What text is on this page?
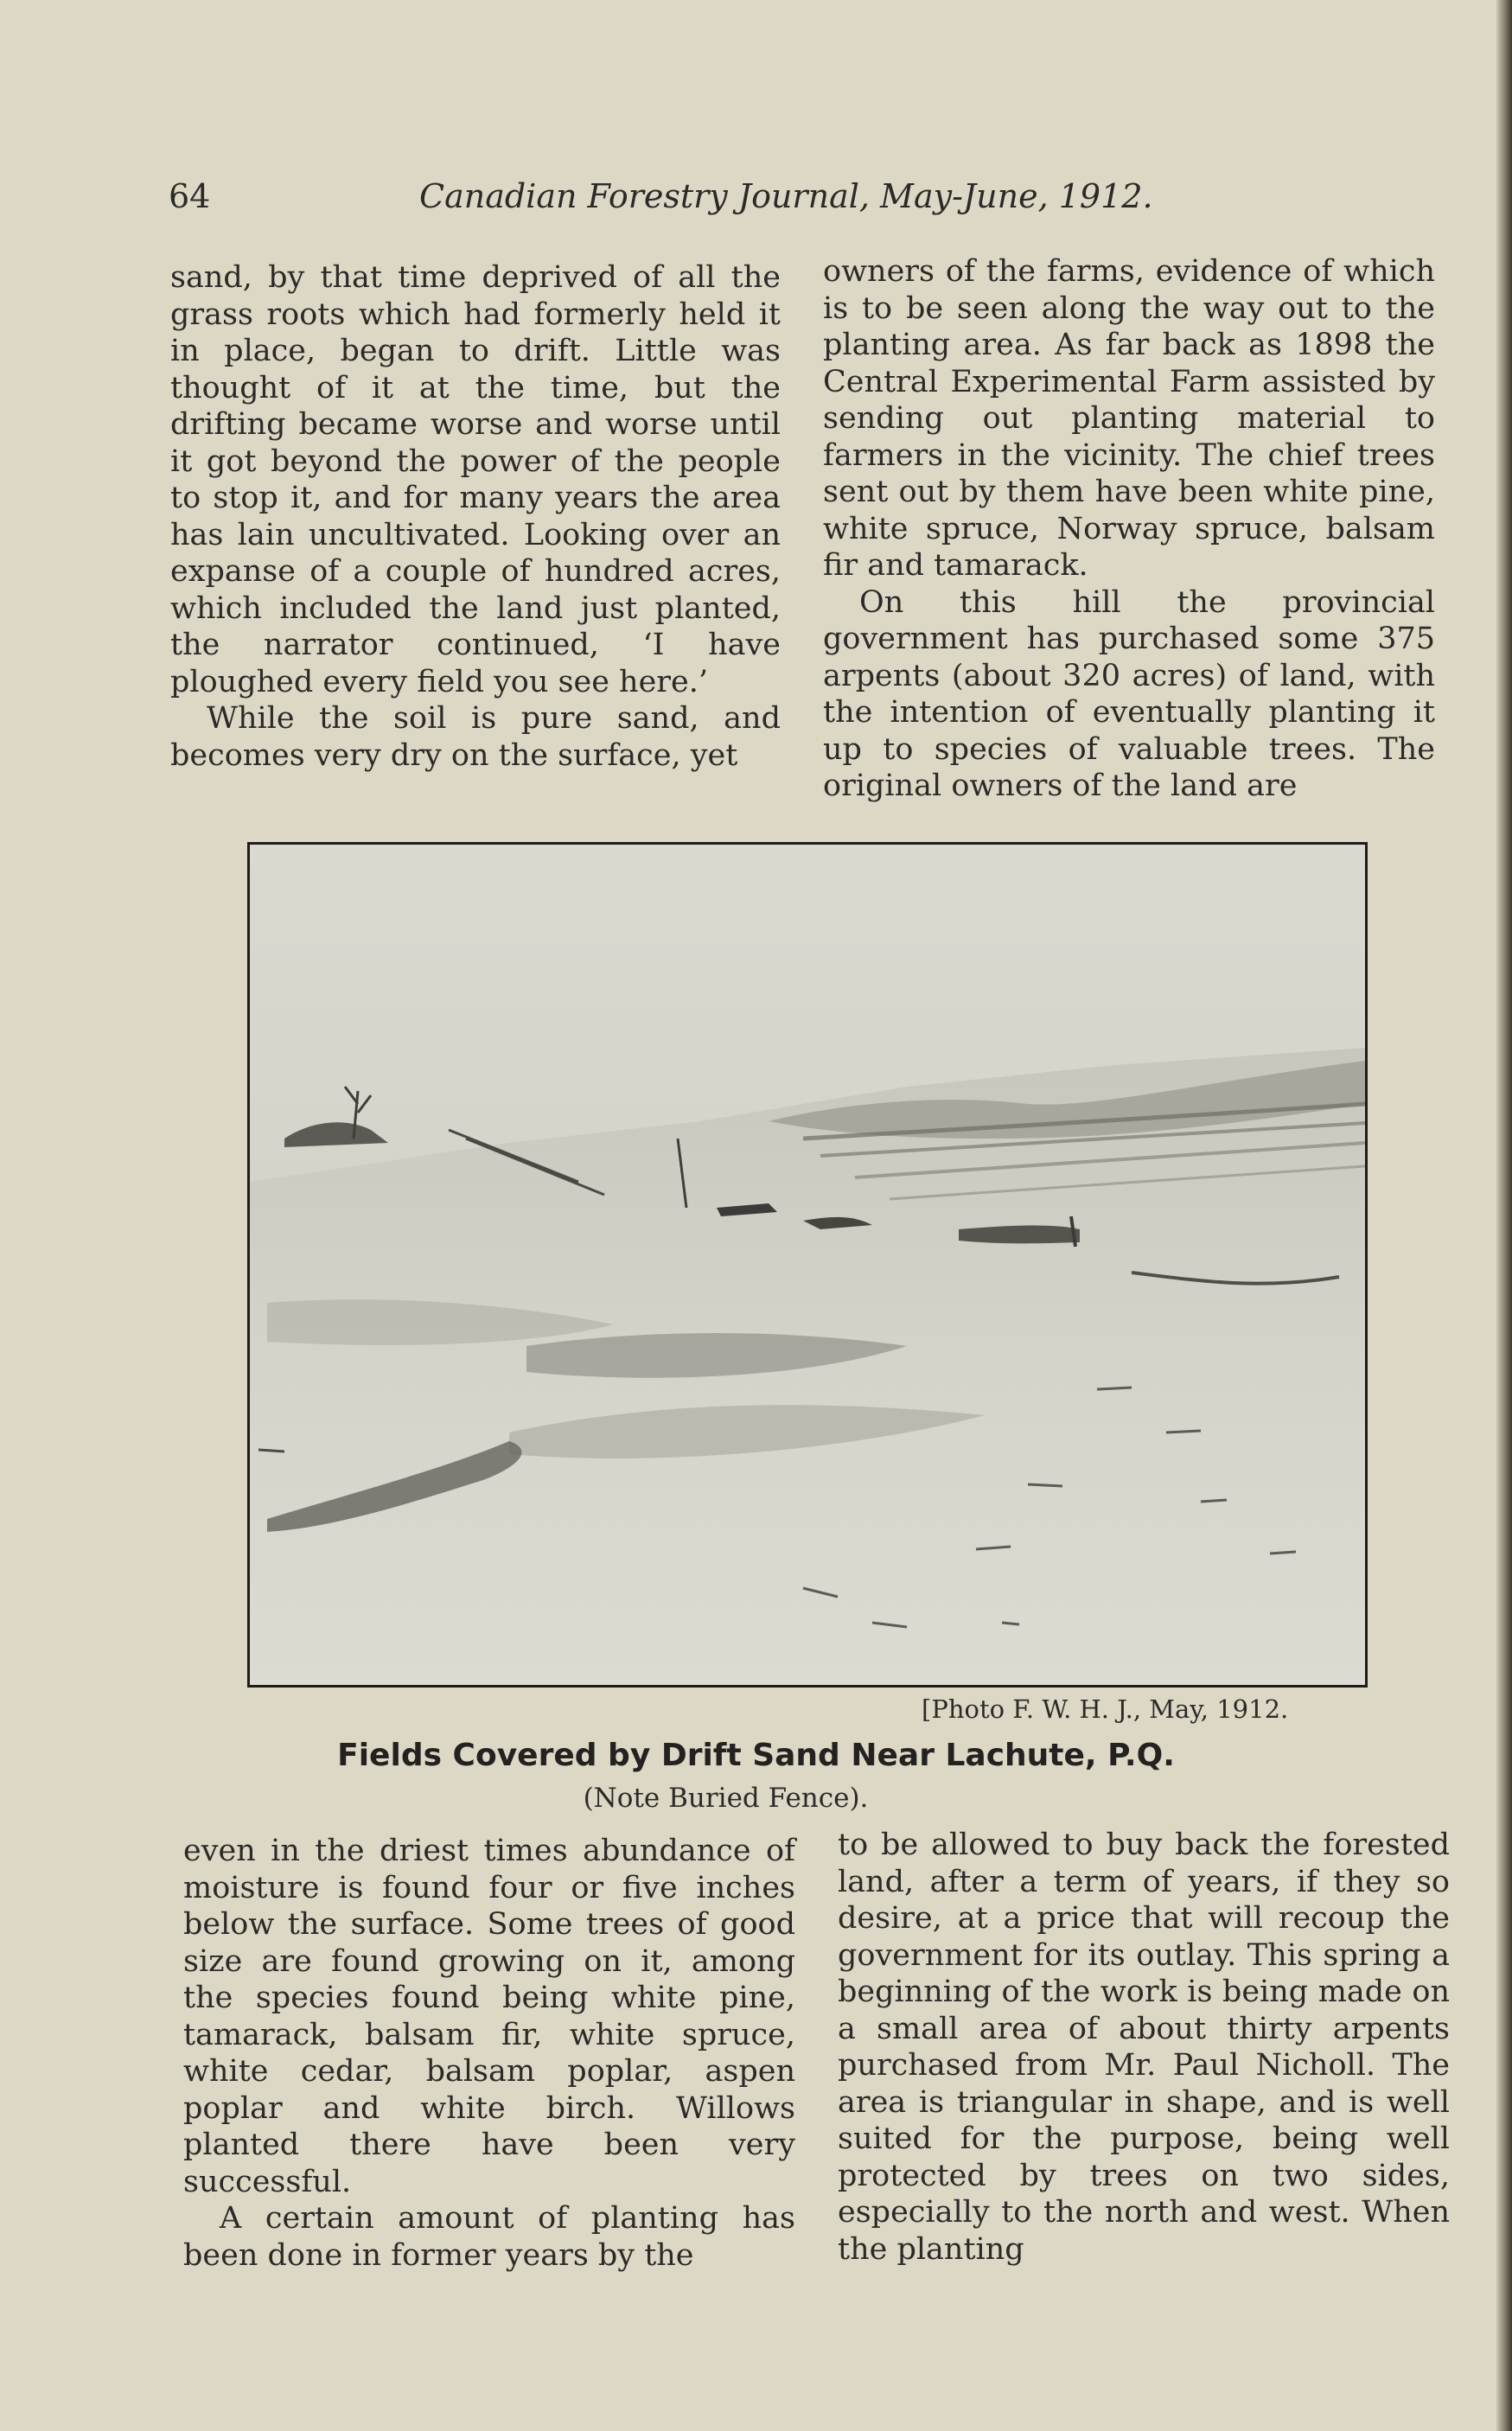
64	Canadian Forestry Journal, May-June, 1912.

sand, by that time deprived of all the grass roots which had formerly held it in place, began to drift. Little was thought of it at the time, but the drifting became worse and worse until it got beyond the power of the people to stop it, and for many years the area has lain uncultivated. Looking over an expanse of a couple of hundred acres, which included the land just planted, the narrator continued, ‘I have ploughed every field you see here.’

While the soil is pure sand, and becomes very dry on the surface, yet

owners of the farms, evidence of which is to be seen along the way out to the planting area. As far back as 1898 the Central Experimental Farm assisted by sending out planting material to farmers in the vicinity. The chief trees sent out by them have been white pine, white spruce, Norway spruce, balsam fir and tamarack.

On this hill the provincial government has purchased some 375 arpents (about 320 acres) of land, with the intention of eventually planting it up to species of valuable trees. The original owners of the land are

[Photo F. W. H. J., May, 1912.
Fields Covered by Drift Sand Near Lachute, P.Q.
(Note Buried Fence).

even in the driest times abundance of moisture is found four or five inches below the surface. Some trees of good size are found growing on it, among the species found being white pine, tamarack, balsam fir, white spruce, white cedar, balsam poplar, aspen poplar and white birch. Willows planted there have been very successful.

A certain amount of planting has been done in former years by the

to be allowed to buy back the forested land, after a term of years, if they so desire, at a price that will recoup the government for its outlay. This spring a beginning of the work is being made on a small area of about thirty arpents purchased from Mr. Paul Nicholl. The area is triangular in shape, and is well suited for the purpose, being well protected by trees on two sides, especially to the north and west. When the planting
